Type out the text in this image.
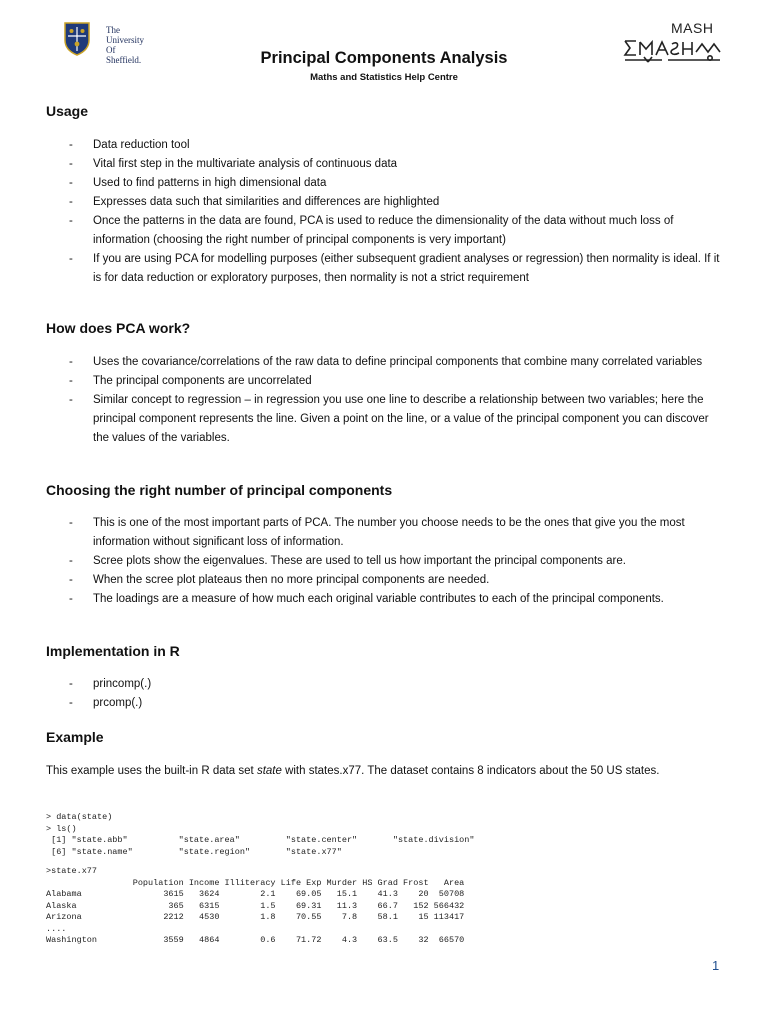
The
University
Of
Sheffield.
MASH
Principal Components Analysis
Maths and Statistics Help Centre
Usage
- Data reduction tool
- Vital first step in the multivariate analysis of continuous data
- Used to find patterns in high dimensional data
- Expresses data such that similarities and differences are highlighted
- Once the patterns in the data are found, PCA is used to reduce the dimensionality of the data without much loss of information (choosing the right number of principal components is very important)
- If you are using PCA for modelling purposes (either subsequent gradient analyses or regression) then normality is ideal. If it is for data reduction or exploratory purposes, then normality is not a strict requirement
How does PCA work?
- Uses the covariance/correlations of the raw data to define principal components that combine many correlated variables
- The principal components are uncorrelated
- Similar concept to regression – in regression you use one line to describe a relationship between two variables; here the principal component represents the line. Given a point on the line, or a value of the principal component you can discover the values of the variables.
Choosing the right number of principal components
- This is one of the most important parts of PCA. The number you choose needs to be the ones that give you the most information without significant loss of information.
- Scree plots show the eigenvalues. These are used to tell us how important the principal components are.
- When the scree plot plateaus then no more principal components are needed.
- The loadings are a measure of how much each original variable contributes to each of the principal components.
Implementation in R
- princomp(.)
- prcomp(.)
Example

This example uses the built-in R data set state with states.x77. The dataset contains 8 indicators about the 50 US states.

> data(state)
> ls()
[1] "state.abb"          "state.area"         "state.center"       "state.division"
[6] "state.name"         "state.region"       "state.x77"
>state.x77
Population Income Illiteracy Life Exp Murder HS Grad Frost   Area
Alabama                3615   3624        2.1    69.05   15.1    41.3    20  50708
Alaska                  365   6315        1.5    69.31   11.3    66.7   152 566432
Arizona                2212   4530        1.8    70.55    7.8    58.1    15 113417
....
Washington             3559   4864        0.6    71.72    4.3    63.5    32  66570
1
